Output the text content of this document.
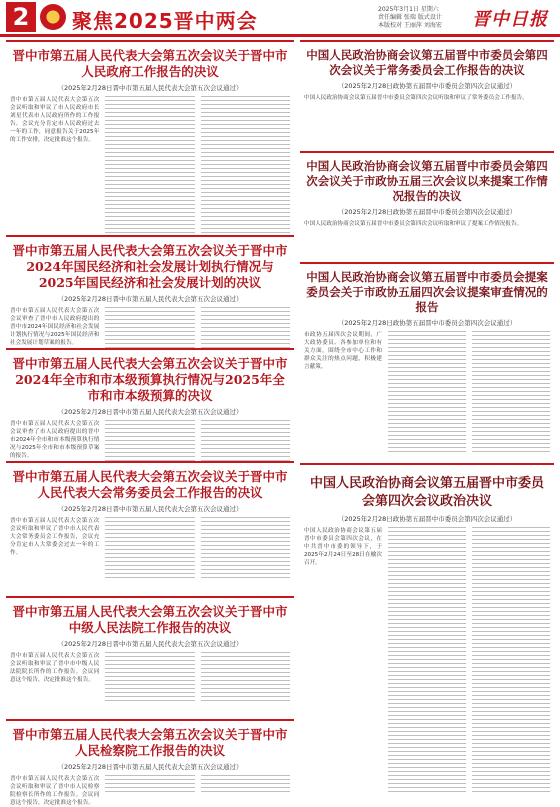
2	聚焦2025晋中两会	2025年3月1日 星期六
责任编辑 张瑞 版式设计
本版校对 王丽萍 刘海宏	晋中日报
晋中市第五届人民代表大会第五次会议关于晋中市人民政府工作报告的决议
（2025年2月28日晋中市第五届人民代表大会第五次会议通过）

晋中市第五届人民代表大会第五次会议听取和审议了市人民政府市长刘星代表市人民政府所作的工作报告。会议充分肯定市人民政府过去一年的工作，同意报告关于2025年的工作安排，决定批准这个报告。

晋中市第五届人民代表大会第五次会议关于晋中市2024年国民经济和社会发展计划执行情况与2025年国民经济和社会发展计划的决议
（2025年2月28日晋中市第五届人民代表大会第五次会议通过）

晋中市第五届人民代表大会第五次会议审查了晋中市人民政府提出的晋中市2024年国民经济和社会发展计划执行情况与2025年国民经济和社会发展计划草案的报告。

晋中市第五届人民代表大会第五次会议关于晋中市2024年全市和市本级预算执行情况与2025年全市和市本级预算的决议
（2025年2月28日晋中市第五届人民代表大会第五次会议通过）

晋中市第五届人民代表大会第五次会议审查了市人民政府提出的晋中市2024年全市和市本级预算执行情况与2025年全市和市本级预算草案的报告。

晋中市第五届人民代表大会第五次会议关于晋中市人民代表大会常务委员会工作报告的决议
（2025年2月28日晋中市第五届人民代表大会第五次会议通过）

晋中市第五届人民代表大会第五次会议听取和审议了晋中市人民代表大会常务委员会工作报告，会议充分肯定市人大常委会过去一年的工作。

晋中市第五届人民代表大会第五次会议关于晋中市中级人民法院工作报告的决议
（2025年2月28日晋中市第五届人民代表大会第五次会议通过）

晋中市第五届人民代表大会第五次会议听取和审议了晋中市中级人民法院院长所作的工作报告。会议同意这个报告，决定批准这个报告。

晋中市第五届人民代表大会第五次会议关于晋中市人民检察院工作报告的决议
（2025年2月28日晋中市第五届人民代表大会第五次会议通过）

晋中市第五届人民代表大会第五次会议听取和审议了晋中市人民检察院检察长所作的工作报告。会议同意这个报告，决定批准这个报告。

中国人民政治协商会议第五届晋中市委员会第四次会议关于常务委员会工作报告的决议
（2025年2月28日政协第五届晋中市委员会第四次会议通过）

中国人民政治协商会议第五届晋中市委员会第四次会议听取和审议了常务委员会工作报告。

中国人民政治协商会议第五届晋中市委员会第四次会议关于市政协五届三次会议以来提案工作情况报告的决议
（2025年2月28日政协第五届晋中市委员会第四次会议通过）

中国人民政治协商会议第五届晋中市委员会第四次会议听取和审议了提案工作情况报告。

中国人民政治协商会议第五届晋中市委员会提案委员会关于市政协五届四次会议提案审查情况的报告
（2025年2月28日政协第五届晋中市委员会第四次会议通过）

市政协五届四次会议期间，广大政协委员、各参加单位和有关方面，围绕全市中心工作和群众关注的热点问题，积极建言献策。

中国人民政治协商会议第五届晋中市委员会第四次会议政治决议
（2025年2月28日政协第五届晋中市委员会第四次会议通过）

中国人民政治协商会议第五届晋中市委员会第四次会议，在中共晋中市委的领导下，于2025年2月24日至28日在榆次召开。
